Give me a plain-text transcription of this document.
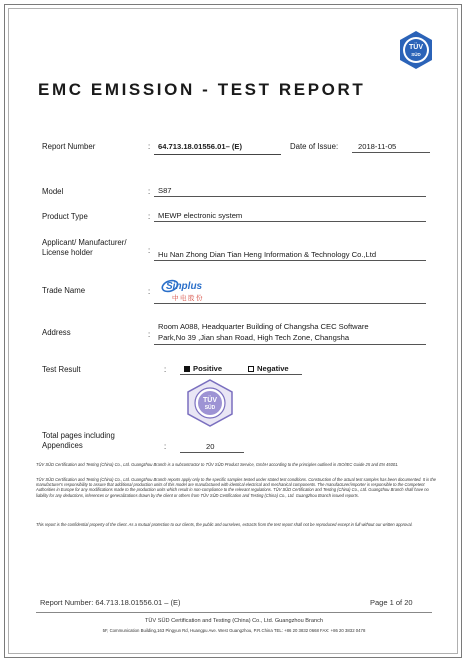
TÜV
SÜD
EMC EMISSION - TEST REPORT
Report Number	: 64.713.18.01556.01– (E)	Date of Issue:	2018-11-05
Model	: S87
Product Type	: MEWP electronic system
Applicant/ Manufacturer/
License holder	: Hu Nan Zhong Dian Tian Heng Information & Technology Co.,Ltd
Trade Name	: Sinplus
中电股份
Address	:
Room A088, Headquarter Building of Changsha CEC Software
Park,No 39 ,Jian shan Road, High Tech Zone, Changsha
Test Result	:	Positive	Negative
TÜV
SÜD
Total pages including
Appendices	:	20
TÜV SÜD Certification and Testing (China) Co., Ltd. Guangzhou Branch is a subcontractor to TÜV SÜD Product Service, GmbH according to the principles outlined in ISO/IEC Guide 25 and EN 45001.
TÜV SÜD Certification and Testing (China) Co., Ltd. Guangzhou Branch reports apply only to the specific samples tested under stated test conditions. Construction of the actual test samples has been documented. It is the manufacturer's responsibility to assure that additional production units of this model are manufactured with identical electrical and mechanical components. The manufacturer/importer is responsible to the Competent Authorities in Europe for any modifications made to the production units which result in non-compliance to the relevant regulations. TÜV SÜD Certification and Testing (China) Co., Ltd. Guangzhou Branch shall have no liability for any deductions, inferences or generalizations drawn by the client or others from TÜV SÜD Certification and Testing (China) Co., Ltd. Guangzhou Branch issued reports.
This report is the confidential property of the client. As a mutual protection to our clients, the public and ourselves, extracts from the test report shall not be reproduced except in full without our written approval.
Report Number: 64.713.18.01556.01 – (E)	Page 1 of 20
TÜV SÜD Certification and Testing (China) Co., Ltd. Guangzhou Branch
5F, Communication Building,163 Pingyun Rd, Huangpu Ave. West Guangzhou, P.R.China TEL: +86 20 3832 0668 FAX: +86 20 3832 0478
